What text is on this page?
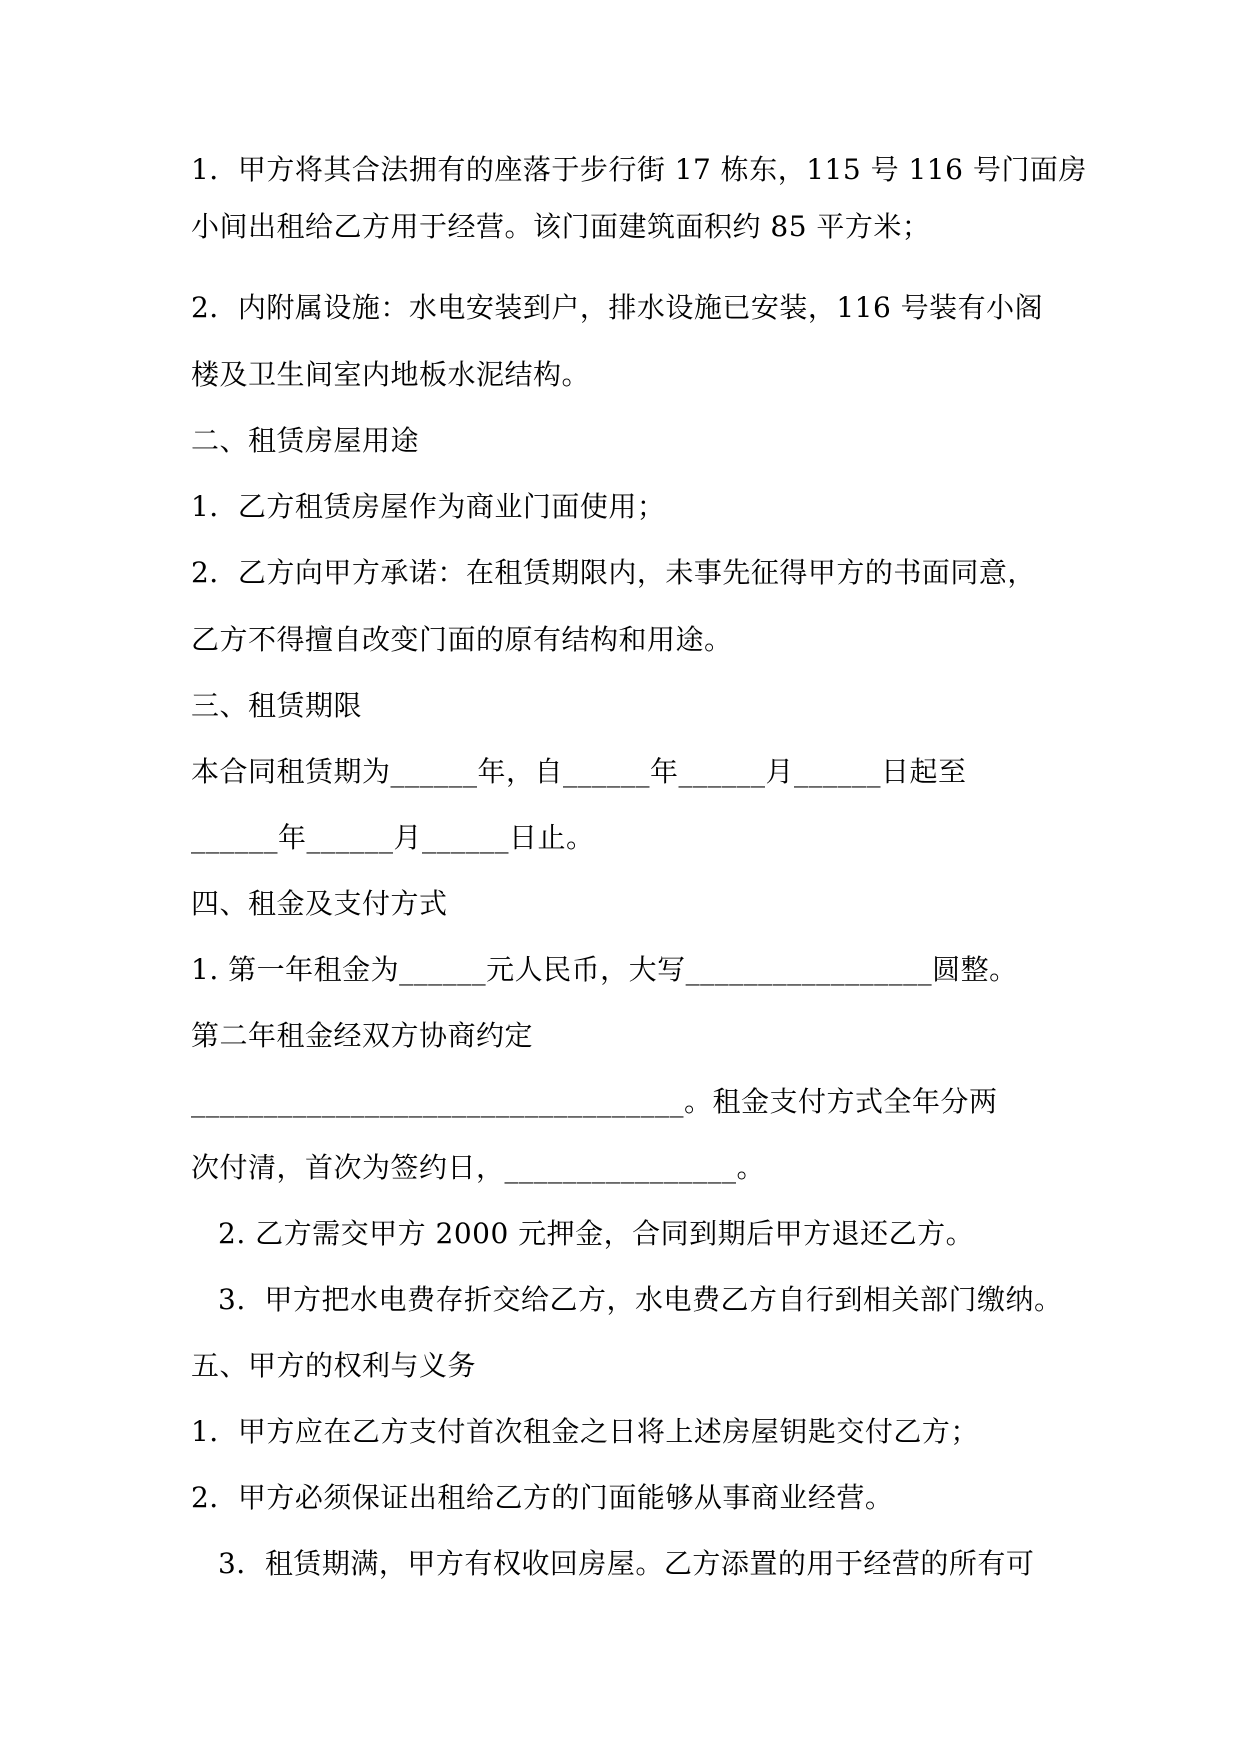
1．甲方将其合法拥有的座落于步行街 17 栋东，115 号 116 号门面房
小间出租给乙方用于经营。该门面建筑面积约 85 平方米；
2．内附属设施：水电安装到户，排水设施已安装，116 号装有小阁
楼及卫生间室内地板水泥结构。
二、租赁房屋用途
1．乙方租赁房屋作为商业门面使用；
2．乙方向甲方承诺：在租赁期限内，未事先征得甲方的书面同意，
乙方不得擅自改变门面的原有结构和用途。
三、租赁期限
本合同租赁期为______年，自______年______月______日起至
______年______月______日止。
四、租金及支付方式
1. 第一年租金为______元人民币，大写_________________圆整。
第二年租金经双方协商约定
__________________________________。租金支付方式全年分两
次付清，首次为签约日，________________。
2. 乙方需交甲方 2000 元押金，合同到期后甲方退还乙方。
3.  甲方把水电费存折交给乙方，水电费乙方自行到相关部门缴纳。
五、甲方的权利与义务
1．甲方应在乙方支付首次租金之日将上述房屋钥匙交付乙方；
2．甲方必须保证出租给乙方的门面能够从事商业经营。
3．租赁期满，甲方有权收回房屋。乙方添置的用于经营的所有可
